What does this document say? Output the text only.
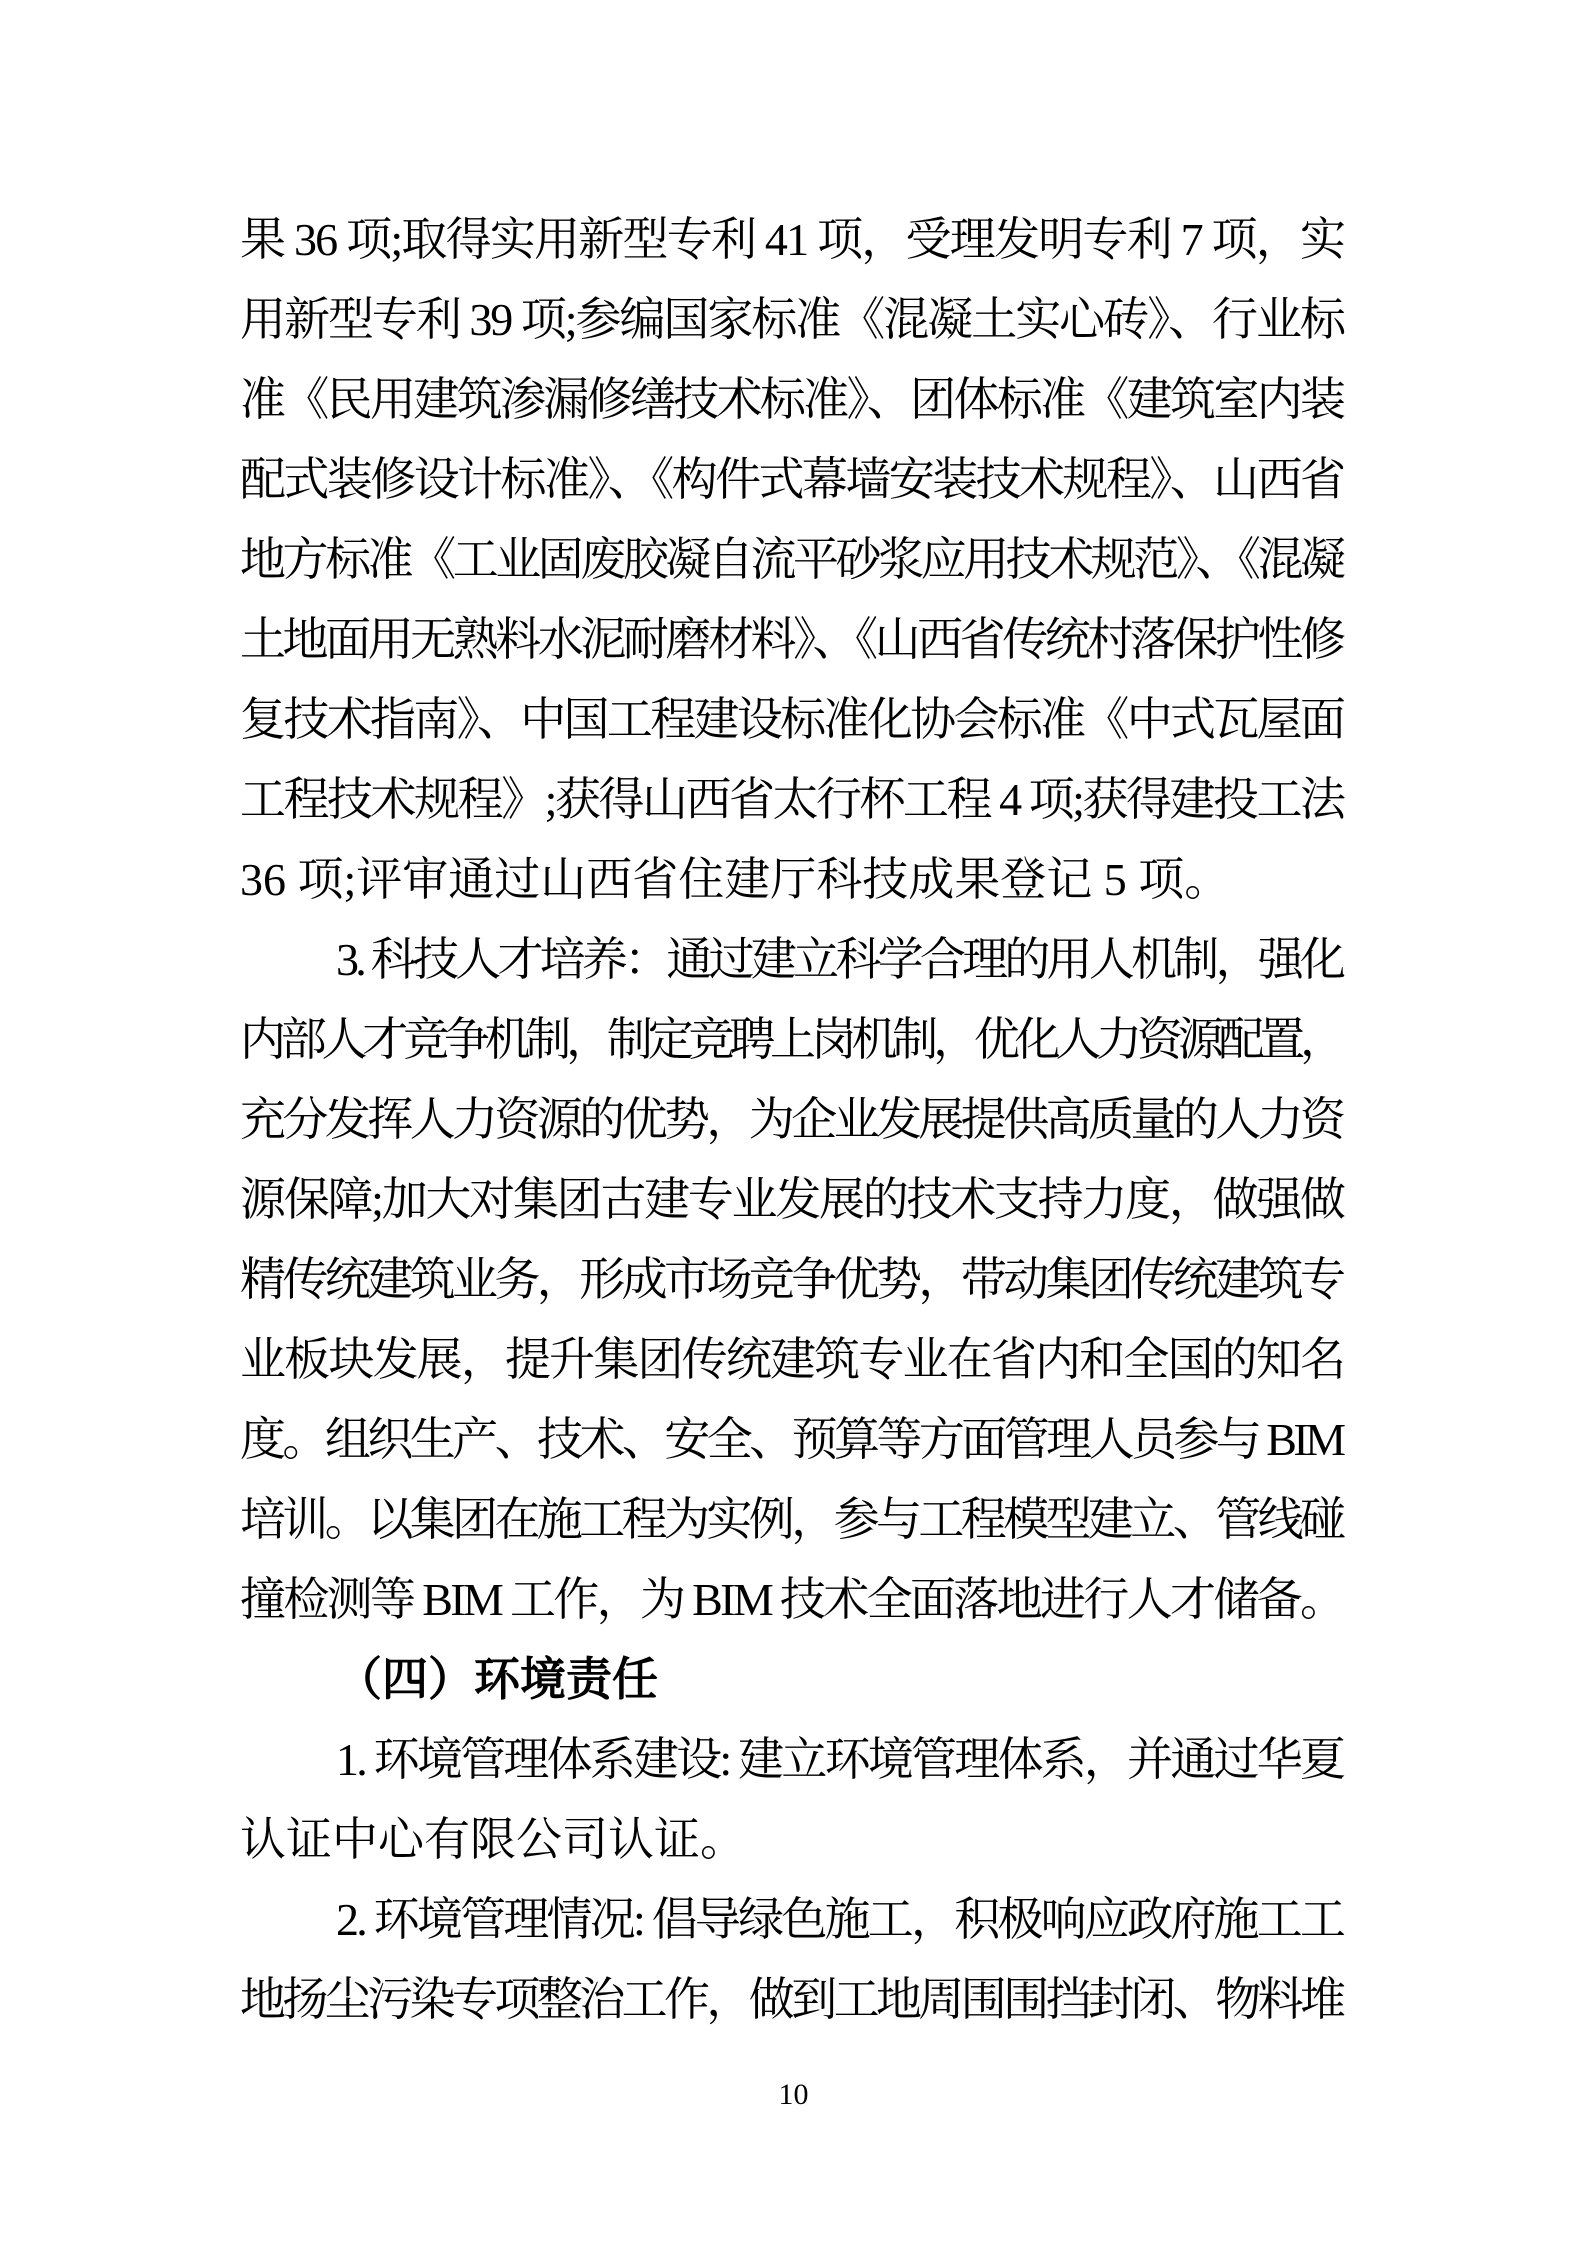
果 36 项;取得实用新型专利 41 项，受理发明专利 7 项，实
用新型专利 39 项;参编国家标准《混凝土实心砖》、行业标
准《民用建筑渗漏修缮技术标准》、团体标准《建筑室内装
配式装修设计标准》、《构件式幕墙安装技术规程》、山西省
地方标准《工业固废胶凝自流平砂浆应用技术规范》、《混凝
土地面用无熟料水泥耐磨材料》、《山西省传统村落保护性修
复技术指南》、中国工程建设标准化协会标准《中式瓦屋面
工程技术规程》;获得山西省太行杯工程 4 项;获得建投工法
36 项;评审通过山西省住建厅科技成果登记 5 项。
3. 科技人才培养：通过建立科学合理的用人机制，强化
内部人才竞争机制，制定竞聘上岗机制，优化人力资源配置，
充分发挥人力资源的优势，为企业发展提供高质量的人力资
源保障;加大对集团古建专业发展的技术支持力度，做强做
精传统建筑业务，形成市场竞争优势，带动集团传统建筑专
业板块发展，提升集团传统建筑专业在省内和全国的知名
度。组织生产、技术、安全、预算等方面管理人员参与 BIM
培训。以集团在施工程为实例，参与工程模型建立、管线碰
撞检测等 BIM 工作，为 BIM 技术全面落地进行人才储备。
（四）环境责任
1. 环境管理体系建设: 建立环境管理体系，并通过华夏
认证中心有限公司认证。
2. 环境管理情况: 倡导绿色施工，积极响应政府施工工
地扬尘污染专项整治工作，做到工地周围围挡封闭、物料堆
10
